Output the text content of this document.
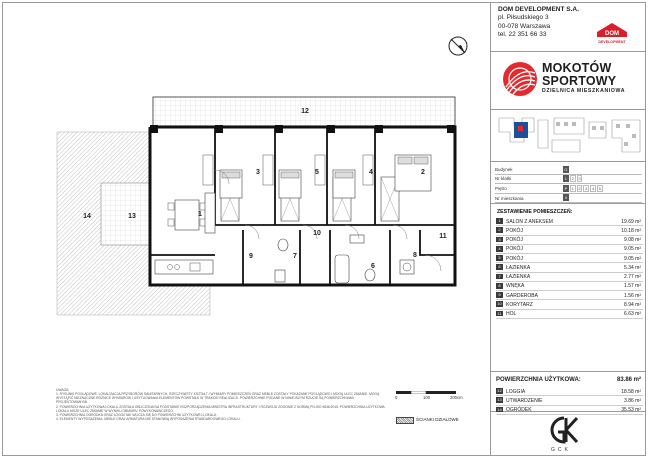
DOM DEVELOPMENT S.A.
pl. Piłsudskiego 3
00-078 Warszawa
tel. 22 351 66 33	DOM
DEVELOPMENT
MOKOTÓW
SPORTOWY
DZIELNICA MIESZKANIOWA
Budynek	G
Nr klatki	1	2	3
Piętro	P	1	2	3	4	5
Nr mieszkania	4
ZESTAWIENIE POMIESZCZEŃ:
1	SALON Z ANEKSEM	19.69 m²
2	POKÓJ	10.18 m²
3	POKÓJ	9.08 m²
4	POKÓJ	9.05 m²
5	POKÓJ	9.05 m²
6	ŁAZIENKA	5.34 m²
7	ŁAZIENKA	2.77 m²
8	WNĘKA	1.57 m²
9	GARDEROBA	1.56 m²
10 KORYTARZ	8.94 m²
11 HOL	6.63 m²
POWIERZCHNIA UŻYTKOWA:	83.86 m²
12 LOGGIA	18.58 m²
13 UTWARDZENIE	3.86 m²
14 OGRÓDEK	35.53 m²
GCK
0	100	200cm
ŚCIANKI DZIAŁOWE

UWAGA:

1. RYSUNKI POGLĄDOWE. LOKALIZACJA PRZYBORÓW SANITARNYCH, RZECZYWISTY KSZTAŁT I WYMIARY POMIESZCZEŃ ORAZ MEBLE ZOSTAŁY POKAZANE POGLĄDOWO I MOGĄ ULEC ZMIANIE. MOGĄ WYSTĄPIĆ NIEZNACZNE RÓŻNICE WYMIARÓW I USYTUOWANIA ELEMENTÓW POWSTAŁE W TRAKCIE REALIZACJI. POWIERZCHNIE PODANE W NINIEJSZYM RZUCIE SĄ POWIERZCHNIAMI PROJEKTOWANYMI.

2. POWIERZCHNIA UŻYTKOWA LOKALU ZOSTAŁA OBLICZONA NA PODSTAWIE ROZPORZĄDZENIA MINISTRA INFRASTRUKTURY I ROZWOJU ZGODNIE Z NORMĄ PN-ISO 9836:2015. POWIERZCHNIA UŻYTKOWA LOKALU MOŻE ULEC ZMIANIE W WYNIKU OBMIARU POWYKONAWCZEGO.

3. POWIERZCHNIA OGRÓDKA ORAZ LOGGII NIE WLICZA SIĘ DO POWIERZCHNI UŻYTKOWEJ LOKALU.

4. ELEMENTY WYPOSAŻENIA, MEBLE ORAZ ARMATURA NIE STANOWIĄ WYPOSAŻENIA STANDARDOWEGO LOKALU.

12
1
2
3	4
5
6
7	8
9
10	11
13
14
